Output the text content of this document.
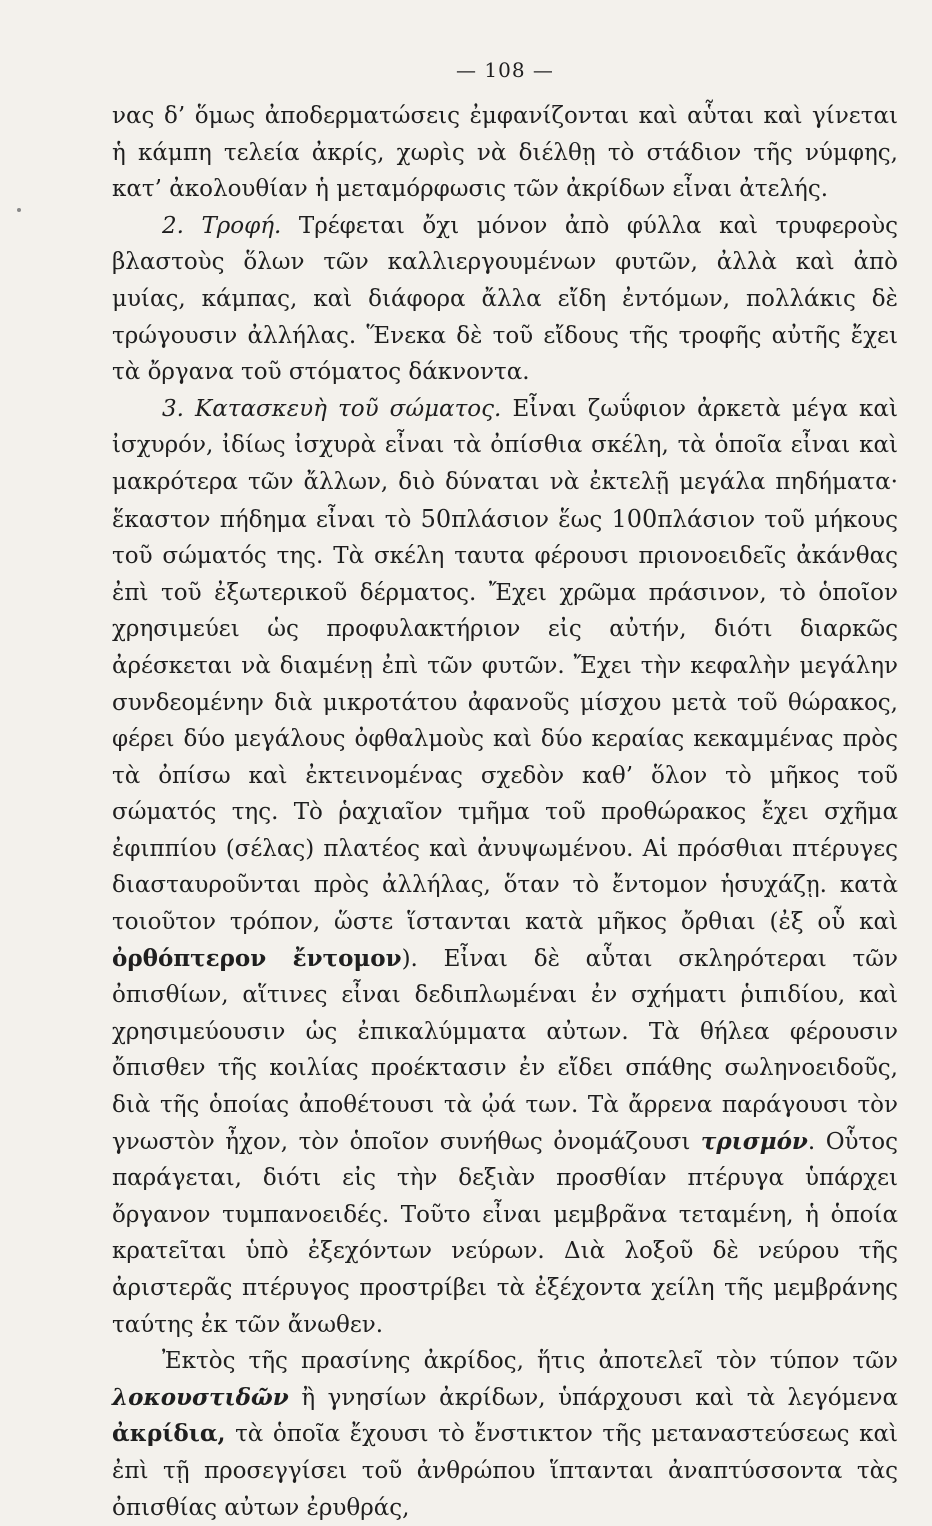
— 108 —

νας δ’ ὅμως ἀποδερματώσεις ἐμφανίζονται καὶ αὗται καὶ γίνεται ἡ κάμπη τελεία ἀκρίς, χωρὶς νὰ διέλθῃ τὸ στάδιον τῆς νύμφης, κατ’ ἀκολουθίαν ἡ μεταμόρφωσις τῶν ἀκρίδων εἶναι ἀτελής.

2. Τροφή. Τρέφεται ὄχι μόνον ἀπὸ φύλλα καὶ τρυφεροὺς βλαστοὺς ὅλων τῶν καλλιεργουμένων φυτῶν, ἀλλὰ καὶ ἀπὸ μυίας, κάμπας, καὶ διάφορα ἄλλα εἴδη ἐντόμων, πολλάκις δὲ τρώγουσιν ἀλλήλας. Ἕνεκα δὲ τοῦ εἴδους τῆς τροφῆς αὐτῆς ἔχει τὰ ὄργανα τοῦ στόματος δάκνοντα.

3. Κατασκευὴ τοῦ σώματος. Εἶναι ζωΰφιον ἀρκετὰ μέγα καὶ ἰσχυρόν, ἰδίως ἰσχυρὰ εἶναι τὰ ὀπίσθια σκέλη, τὰ ὁποῖα εἶναι καὶ μακρότερα τῶν ἄλλων, διὸ δύναται νὰ ἐκτελῇ μεγάλα πηδήματα· ἕκαστον πήδημα εἶναι τὸ 50πλάσιον ἕως 100πλάσιον τοῦ μήκους τοῦ σώματός της. Τὰ σκέλη ταυτα φέρουσι πριονοειδεῖς ἀκάνθας ἐπὶ τοῦ ἐξωτερικοῦ δέρματος. Ἔχει χρῶμα πράσινον, τὸ ὁποῖον χρησιμεύει ὡς προφυλακτήριον εἰς αὐτήν, διότι διαρκῶς ἀρέσκεται νὰ διαμένῃ ἐπὶ τῶν φυτῶν. Ἔχει τὴν κεφαλὴν μεγάλην συνδεομένην διὰ μικροτάτου ἀφανοῦς μίσχου μετὰ τοῦ θώρακος, φέρει δύο μεγάλους ὀφθαλμοὺς καὶ δύο κεραίας κεκαμμένας πρὸς τὰ ὀπίσω καὶ ἐκτεινομένας σχεδὸν καθ’ ὅλον τὸ μῆκος τοῦ σώματός της. Τὸ ῥαχιαῖον τμῆμα τοῦ προθώρακος ἔχει σχῆμα ἐφιππίου (σέλας) πλατέος καὶ ἀνυψωμένου. Αἱ πρόσθιαι πτέρυγες διασταυροῦνται πρὸς ἀλλήλας, ὅταν τὸ ἔντομον ἡσυχάζῃ. κατὰ τοιοῦτον τρόπον, ὥστε ἵστανται κατὰ μῆκος ὄρθιαι (ἐξ οὗ καὶ ὀρθόπτερον ἔντομον). Εἶναι δὲ αὗται σκληρότεραι τῶν ὀπισθίων, αἵτινες εἶναι δεδιπλωμέναι ἐν σχήματι ῥιπιδίου, καὶ χρησιμεύουσιν ὡς ἐπικαλύμματα αὐτων. Τὰ θήλεα φέρουσιν ὄπισθεν τῆς κοιλίας προέκτασιν ἐν εἴδει σπάθης σωληνοειδοῦς, διὰ τῆς ὁποίας ἀποθέτουσι τὰ ᾠά των. Τὰ ἄρρενα παράγουσι τὸν γνωστὸν ἦχον, τὸν ὁποῖον συνήθως ὀνομάζουσι τρισμόν. Οὗτος παράγεται, διότι εἰς τὴν δεξιὰν προσθίαν πτέρυγα ὑπάρχει ὄργανον τυμπανοειδές. Τοῦτο εἶναι μεμβρᾶνα τεταμένη, ἡ ὁποία κρατεῖται ὑπὸ ἐξεχόντων νεύρων. Διὰ λοξοῦ δὲ νεύρου τῆς ἀριστερᾶς πτέρυγος προστρίβει τὰ ἐξέχοντα χείλη τῆς μεμβράνης ταύτης ἐκ τῶν ἄνωθεν.

Ἐκτὸς τῆς πρασίνης ἀκρίδος, ἥτις ἀποτελεῖ τὸν τύπον τῶν λοκουστιδῶν ἢ γνησίων ἀκρίδων, ὑπάρχουσι καὶ τὰ λεγόμενα ἀκρίδια, τὰ ὁποῖα ἔχουσι τὸ ἔνστικτον τῆς μεταναστεύσεως καὶ ἐπὶ τῇ προσεγγίσει τοῦ ἀνθρώπου ἵπτανται ἀναπτύσσοντα τὰς ὀπισθίας αὐτων ἐρυθράς,
